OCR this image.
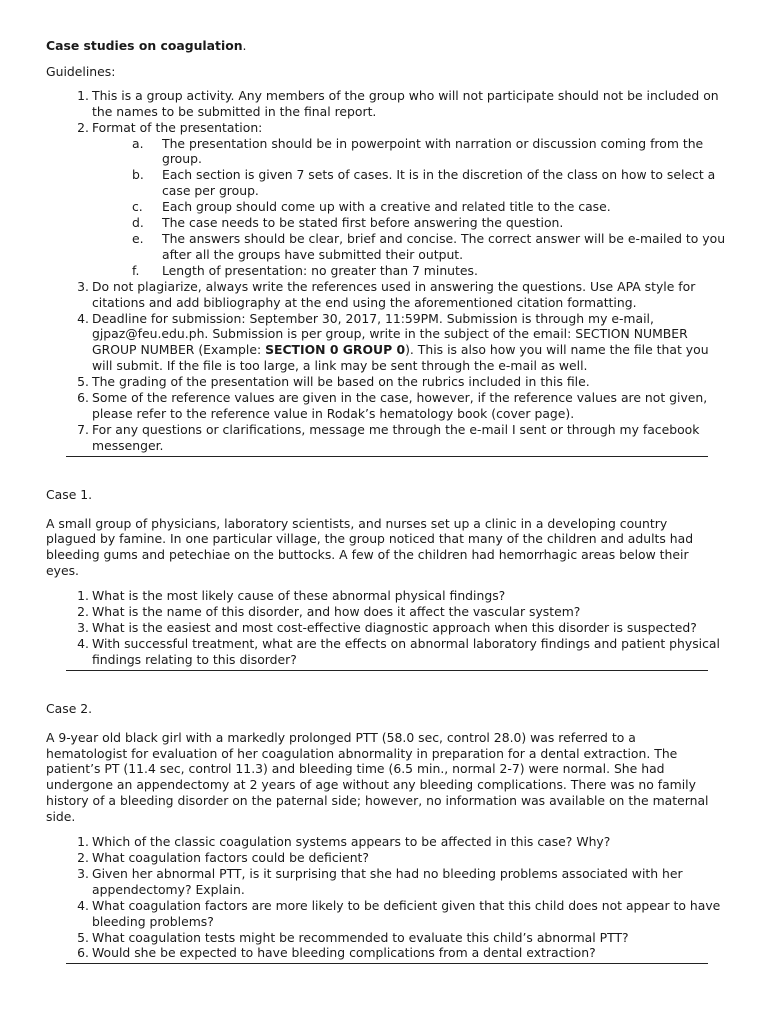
Case studies on coagulation.
Guidelines:
1. This is a group activity. Any members of the group who will not participate should not be included on the names to be submitted in the final report.
2. Format of the presentation:
a.	The presentation should be in powerpoint with narration or discussion coming from the group.
b.	Each section is given 7 sets of cases. It is in the discretion of the class on how to select a case per group.
c.	Each group should come up with a creative and related title to the case.
d.	The case needs to be stated first before answering the question.
e.	The answers should be clear, brief and concise. The correct answer will be e-mailed to you after all the groups have submitted their output.
f.	Length of presentation: no greater than 7 minutes.
3. Do not plagiarize, always write the references used in answering the questions. Use APA style for citations and add bibliography at the end using the aforementioned citation formatting.
4. Deadline for submission: September 30, 2017, 11:59PM. Submission is through my e-mail, gjpaz@feu.edu.ph. Submission is per group, write in the subject of the email: SECTION NUMBER GROUP NUMBER (Example: SECTION 0 GROUP 0). This is also how you will name the file that you will submit. If the file is too large, a link may be sent through the e-mail as well.
5. The grading of the presentation will be based on the rubrics included in this file.
6. Some of the reference values are given in the case, however, if the reference values are not given, please refer to the reference value in Rodak’s hematology book (cover page).
7. For any questions or clarifications, message me through the e-mail I sent or through my facebook messenger.
Case 1.
A small group of physicians, laboratory scientists, and nurses set up a clinic in a developing country plagued by famine. In one particular village, the group noticed that many of the children and adults had bleeding gums and petechiae on the buttocks. A few of the children had hemorrhagic areas below their eyes.
1. What is the most likely cause of these abnormal physical findings?
2. What is the name of this disorder, and how does it affect the vascular system?
3. What is the easiest and most cost-effective diagnostic approach when this disorder is suspected?
4. With successful treatment, what are the effects on abnormal laboratory findings and patient physical findings relating to this disorder?
Case 2.
A 9-year old black girl with a markedly prolonged PTT (58.0 sec, control 28.0) was referred to a hematologist for evaluation of her coagulation abnormality in preparation for a dental extraction. The patient’s PT (11.4 sec, control 11.3) and bleeding time (6.5 min., normal 2-7) were normal. She had undergone an appendectomy at 2 years of age without any bleeding complications. There was no family history of a bleeding disorder on the paternal side; however, no information was available on the maternal side.
1. Which of the classic coagulation systems appears to be affected in this case? Why?
2. What coagulation factors could be deficient?
3. Given her abnormal PTT, is it surprising that she had no bleeding problems associated with her appendectomy? Explain.
4. What coagulation factors are more likely to be deficient given that this child does not appear to have bleeding problems?
5. What coagulation tests might be recommended to evaluate this child’s abnormal PTT?
6. Would she be expected to have bleeding complications from a dental extraction?
